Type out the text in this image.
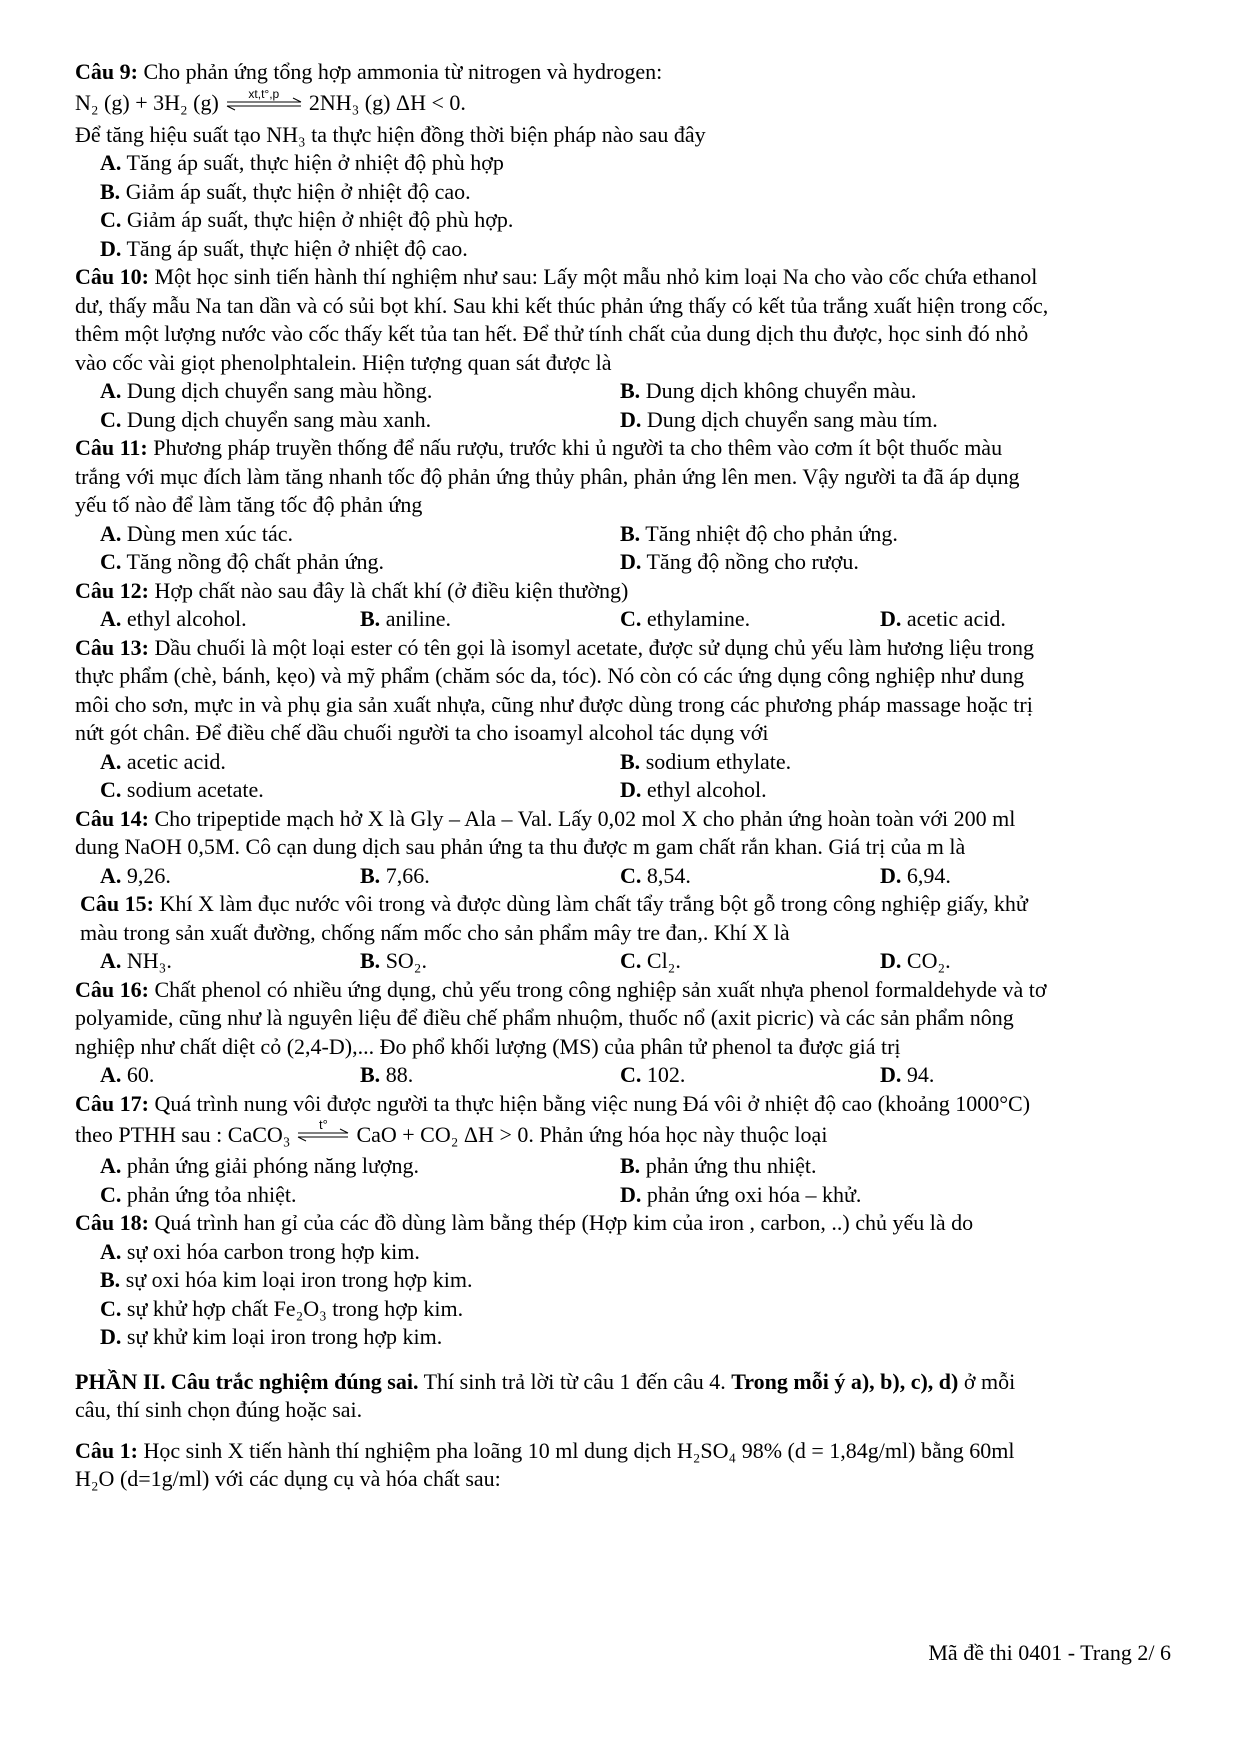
Câu 9: Cho phản ứng tổng hợp ammonia từ nitrogen và hydrogen:

N₂ (g) + 3H₂ (g)	xt,t°,p	2NH₃ (g) ΔH < 0.

Để tăng hiệu suất tạo NH₃ ta thực hiện đồng thời biện pháp nào sau đây

A. Tăng áp suất, thực hiện ở nhiệt độ phù hợp
B. Giảm áp suất, thực hiện ở nhiệt độ cao.
C. Giảm áp suất, thực hiện ở nhiệt độ phù hợp.
D. Tăng áp suất, thực hiện ở nhiệt độ cao.

Câu 10: Một học sinh tiến hành thí nghiệm như sau: Lấy một mẫu nhỏ kim loại Na cho vào cốc chứa ethanol

dư, thấy mẫu Na tan dần và có sủi bọt khí. Sau khi kết thúc phản ứng thấy có kết tủa trắng xuất hiện trong cốc,

thêm một lượng nước vào cốc thấy kết tủa tan hết. Để thử tính chất của dung dịch thu được, học sinh đó nhỏ

vào cốc vài giọt phenolphtalein. Hiện tượng quan sát được là

A. Dung dịch chuyển sang màu hồng.	B. Dung dịch không chuyển màu.
C. Dung dịch chuyển sang màu xanh.	D. Dung dịch chuyển sang màu tím.

Câu 11: Phương pháp truyền thống để nấu rượu, trước khi ủ người ta cho thêm vào cơm ít bột thuốc màu

trắng với mục đích làm tăng nhanh tốc độ phản ứng thủy phân, phản ứng lên men. Vậy người ta đã áp dụng

yếu tố nào để làm tăng tốc độ phản ứng

A. Dùng men xúc tác.	B. Tăng nhiệt độ cho phản ứng.
C. Tăng nồng độ chất phản ứng.	D. Tăng độ nồng cho rượu.

Câu 12: Hợp chất nào sau đây là chất khí (ở điều kiện thường)

A. ethyl alcohol.	B. aniline.	C. ethylamine.	D. acetic acid.

Câu 13: Dầu chuối là một loại ester có tên gọi là isomyl acetate, được sử dụng chủ yếu làm hương liệu trong

thực phẩm (chè, bánh, kẹo) và mỹ phẩm (chăm sóc da, tóc). Nó còn có các ứng dụng công nghiệp như dung

môi cho sơn, mực in và phụ gia sản xuất nhựa, cũng như được dùng trong các phương pháp massage hoặc trị

nứt gót chân. Để điều chế dầu chuối người ta cho isoamyl alcohol tác dụng với

A. acetic acid.	B. sodium ethylate.
C. sodium acetate.	D. ethyl alcohol.

Câu 14: Cho tripeptide mạch hở X là Gly – Ala – Val. Lấy 0,02 mol X cho phản ứng hoàn toàn với 200 ml

dung NaOH 0,5M. Cô cạn dung dịch sau phản ứng ta thu được m gam chất rắn khan. Giá trị của m là

A. 9,26.	B. 7,66.	C. 8,54.	D. 6,94.

Câu 15: Khí X làm đục nước vôi trong và được dùng làm chất tẩy trắng bột gỗ trong công nghiệp giấy, khử

màu trong sản xuất đường, chống nấm mốc cho sản phẩm mây tre đan,. Khí X là

A. NH₃.	B. SO₂.	C. Cl₂.	D. CO₂.

Câu 16: Chất phenol có nhiều ứng dụng, chủ yếu trong công nghiệp sản xuất nhựa phenol formaldehyde và tơ

polyamide, cũng như là nguyên liệu để điều chế phẩm nhuộm, thuốc nổ (axit picric) và các sản phẩm nông

nghiệp như chất diệt cỏ (2,4-D),... Đo phổ khối lượng (MS) của phân tử phenol ta được giá trị

A. 60.	B. 88.	C. 102.	D. 94.

Câu 17: Quá trình nung vôi được người ta thực hiện bằng việc nung Đá vôi ở nhiệt độ cao (khoảng 1000°C)

theo PTHH sau : CaCO₃	t°	CaO + CO₂ ΔH > 0. Phản ứng hóa học này thuộc loại
A. phản ứng giải phóng năng lượng.	B. phản ứng thu nhiệt.
C. phản ứng tỏa nhiệt.	D. phản ứng oxi hóa – khử.

Câu 18: Quá trình han gỉ của các đồ dùng làm bằng thép (Hợp kim của iron , carbon, ..) chủ yếu là do

A. sự oxi hóa carbon trong hợp kim.
B. sự oxi hóa kim loại iron trong hợp kim.
C. sự khử hợp chất Fe₂O₃ trong hợp kim.
D. sự khử kim loại iron trong hợp kim.

PHẦN II. Câu trắc nghiệm đúng sai. Thí sinh trả lời từ câu 1 đến câu 4. Trong mỗi ý a), b), c), d) ở mỗi

câu, thí sinh chọn đúng hoặc sai.

Câu 1: Học sinh X tiến hành thí nghiệm pha loãng 10 ml dung dịch H₂SO₄ 98% (d = 1,84g/ml) bằng 60ml

H₂O (d=1g/ml) với các dụng cụ và hóa chất sau:

Mã đề thi 0401 - Trang 2/ 6
